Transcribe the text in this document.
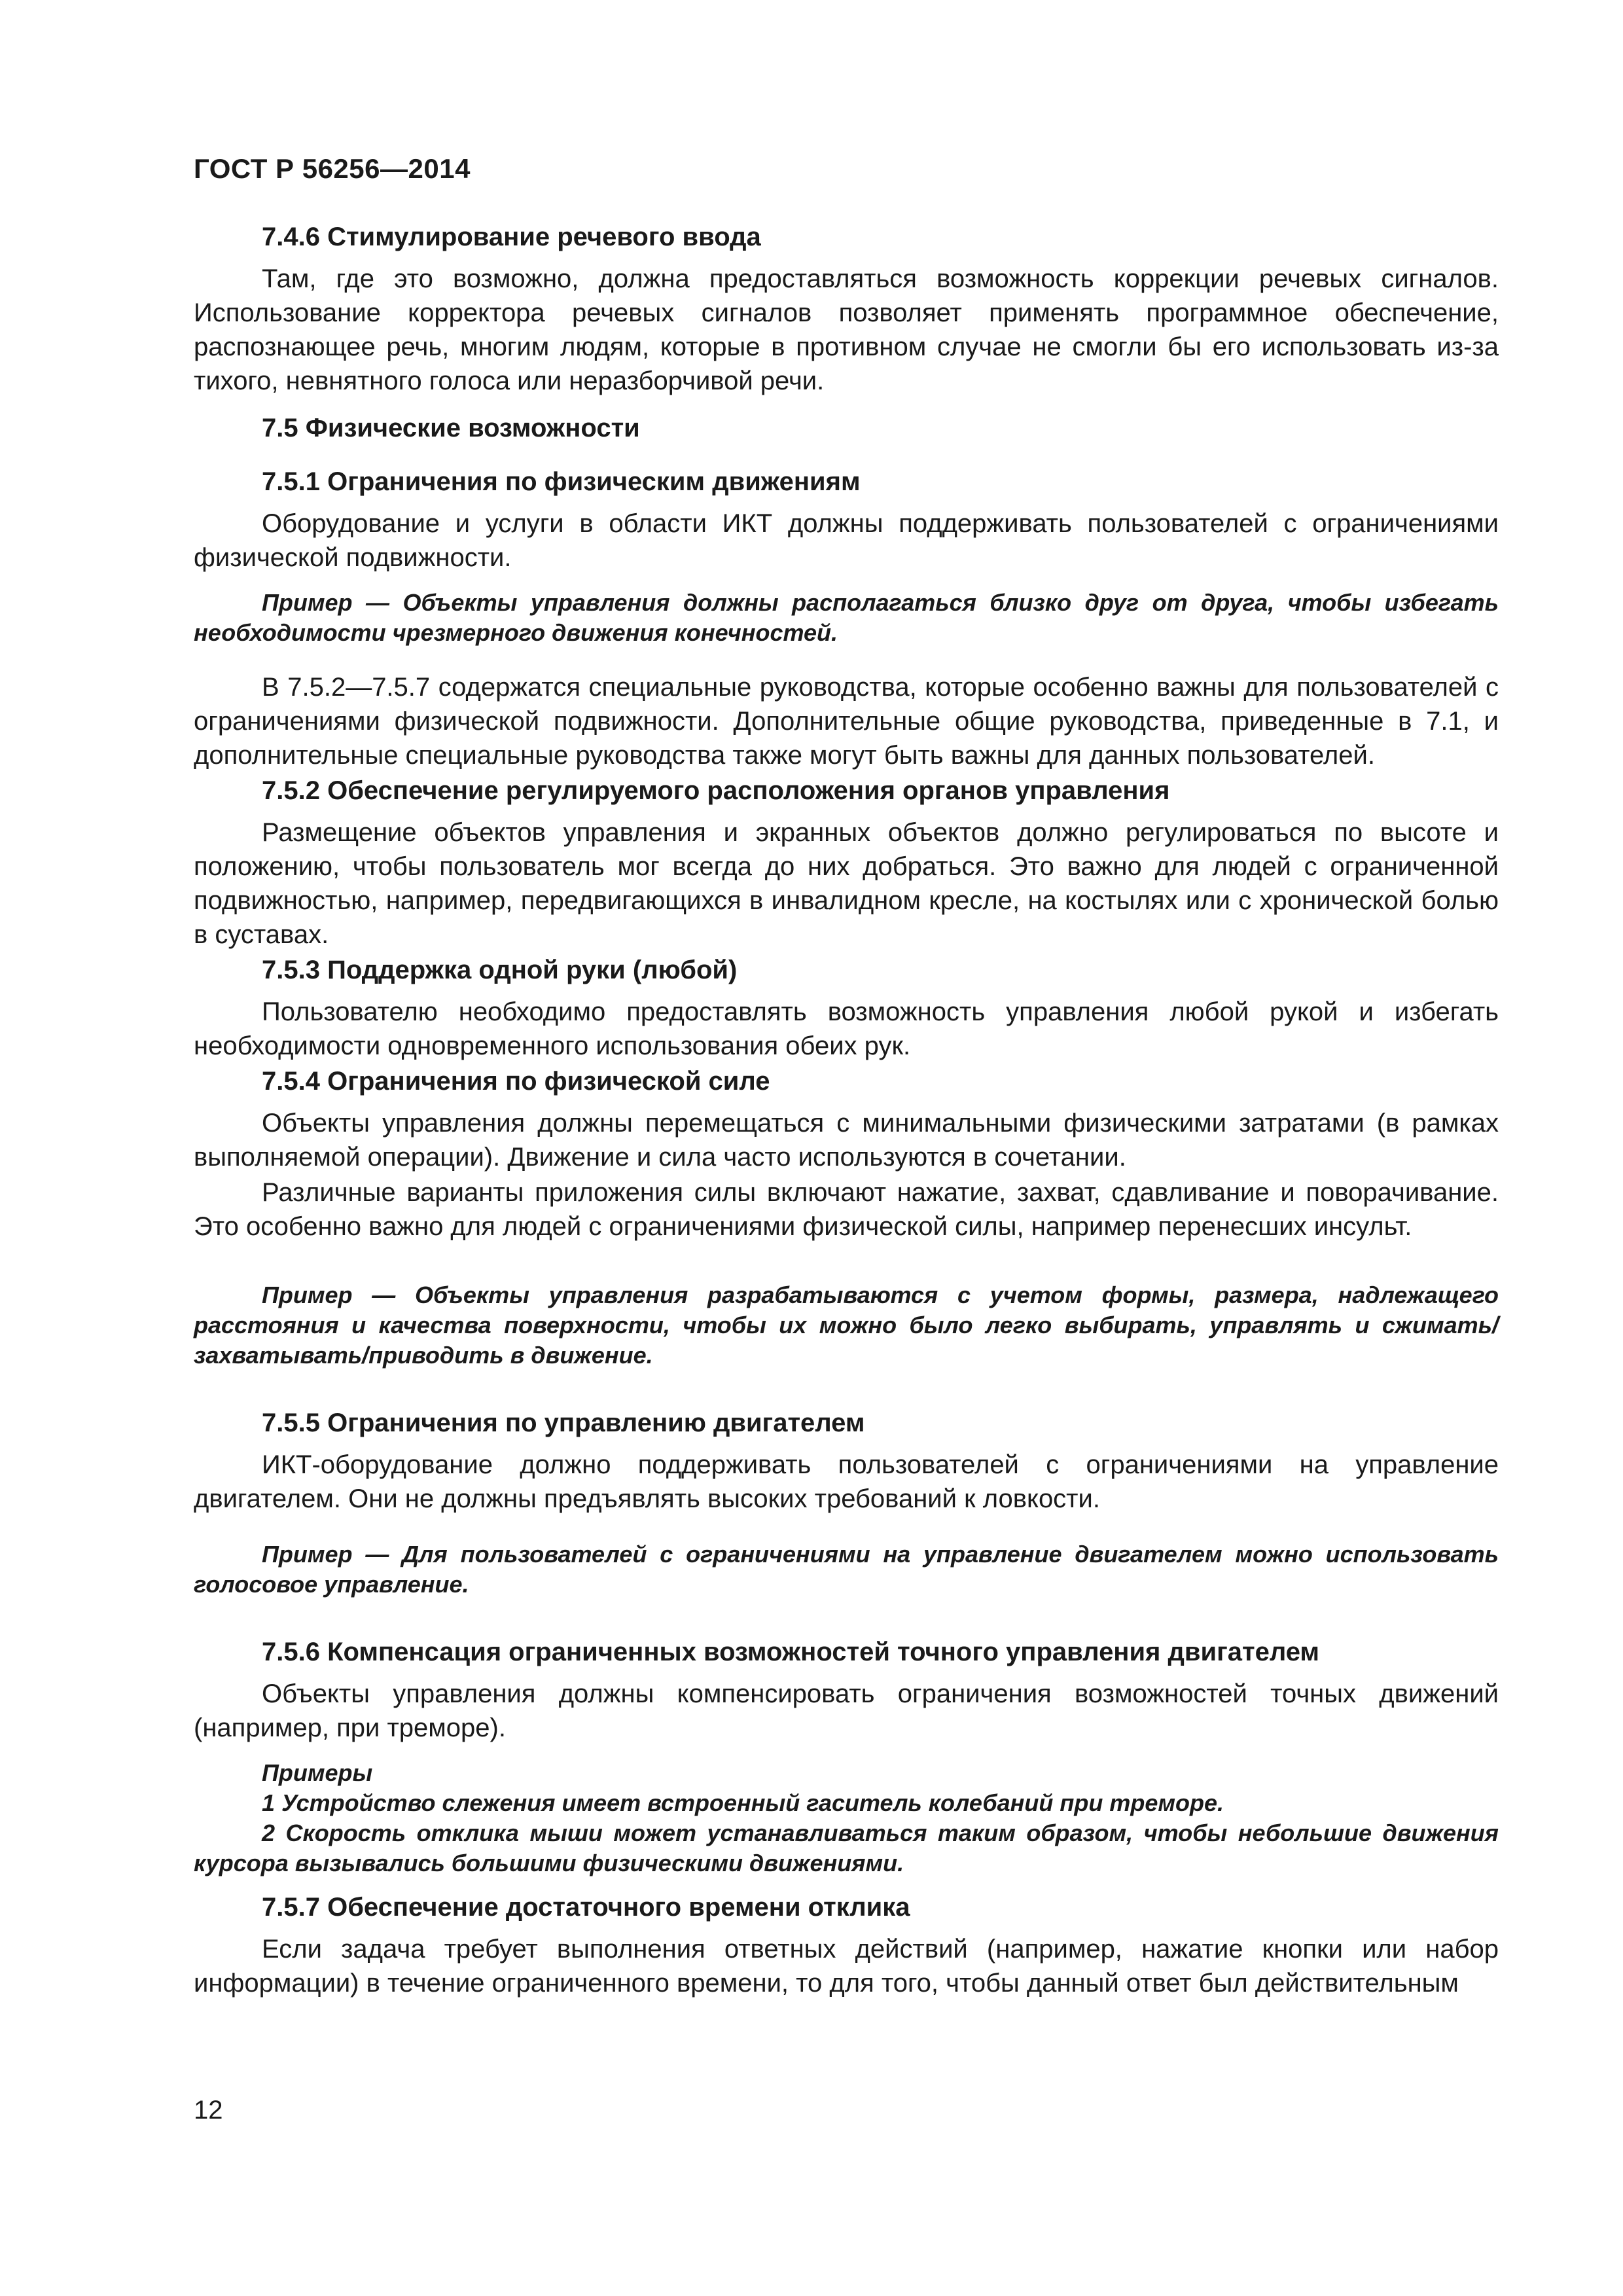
ГОСТ Р 56256—2014
7.4.6 Стимулирование речевого ввода
Там, где это возможно, должна предоставляться возможность коррекции речевых сигналов. Использование корректора речевых сигналов позволяет применять программное обеспечение, распознающее речь, многим людям, которые в противном случае не смогли бы его использовать из-за тихого, невнятного голоса или неразборчивой речи.
7.5 Физические возможности
7.5.1 Ограничения по физическим движениям
Оборудование и услуги в области ИКТ должны поддерживать пользователей с ограничениями физической подвижности.
Пример — Объекты управления должны располагаться близко друг от друга, чтобы избегать необходимости чрезмерного движения конечностей.
В 7.5.2—7.5.7 содержатся специальные руководства, которые особенно важны для пользователей с ограничениями физической подвижности. Дополнительные общие руководства, приведенные в 7.1, и дополнительные специальные руководства также могут быть важны для данных пользователей.
7.5.2 Обеспечение регулируемого расположения органов управления
Размещение объектов управления и экранных объектов должно регулироваться по высоте и положению, чтобы пользователь мог всегда до них добраться. Это важно для людей с ограниченной подвижностью, например, передвигающихся в инвалидном кресле, на костылях или с хронической болью в суставах.
7.5.3 Поддержка одной руки (любой)
Пользователю необходимо предоставлять возможность управления любой рукой и избегать необходимости одновременного использования обеих рук.
7.5.4 Ограничения по физической силе
Объекты управления должны перемещаться с минимальными физическими затратами (в рамках выполняемой операции). Движение и сила часто используются в сочетании.
Различные варианты приложения силы включают нажатие, захват, сдавливание и поворачивание. Это особенно важно для людей с ограничениями физической силы, например перенесших инсульт.
Пример — Объекты управления разрабатываются с учетом формы, размера, надлежащего расстояния и качества поверхности, чтобы их можно было легко выбирать, управлять и сжимать/захватывать/приводить в движение.
7.5.5 Ограничения по управлению двигателем
ИКТ-оборудование должно поддерживать пользователей с ограничениями на управление двигателем. Они не должны предъявлять высоких требований к ловкости.
Пример — Для пользователей с ограничениями на управление двигателем можно использовать голосовое управление.
7.5.6 Компенсация ограниченных возможностей точного управления двигателем
Объекты управления должны компенсировать ограничения возможностей точных движений (например, при треморе).
Примеры
1 Устройство слежения имеет встроенный гаситель колебаний при треморе.
2 Скорость отклика мыши может устанавливаться таким образом, чтобы небольшие движения курсора вызывались большими физическими движениями.
7.5.7 Обеспечение достаточного времени отклика
Если задача требует выполнения ответных действий (например, нажатие кнопки или набор информации) в течение ограниченного времени, то для того, чтобы данный ответ был действительным
12
